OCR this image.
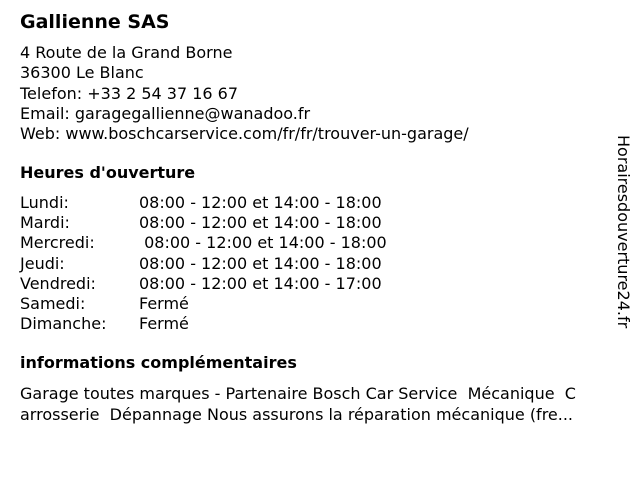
Gallienne SAS
4 Route de la Grand Borne
36300 Le Blanc
Telefon: +33 2 54 37 16 67
Email: garagegallienne@wanadoo.fr
Web: www.boschcarservice.com/fr/fr/trouver-un-garage/
Heures d'ouverture
Lundi:	08:00 - 12:00 et 14:00 - 18:00
Mardi:	08:00 - 12:00 et 14:00 - 18:00
Mercredi:	08:00 - 12:00 et 14:00 - 18:00
Jeudi:	08:00 - 12:00 et 14:00 - 18:00
Vendredi:	08:00 - 12:00 et 14:00 - 17:00
Samedi:	Fermé
Dimanche: Fermé
informations complémentaires
Garage toutes marques - Partenaire Bosch Car Service  Mécanique  C
arrosserie  Dépannage Nous assurons la réparation mécanique (fre...
Horairesdouverture24.fr
